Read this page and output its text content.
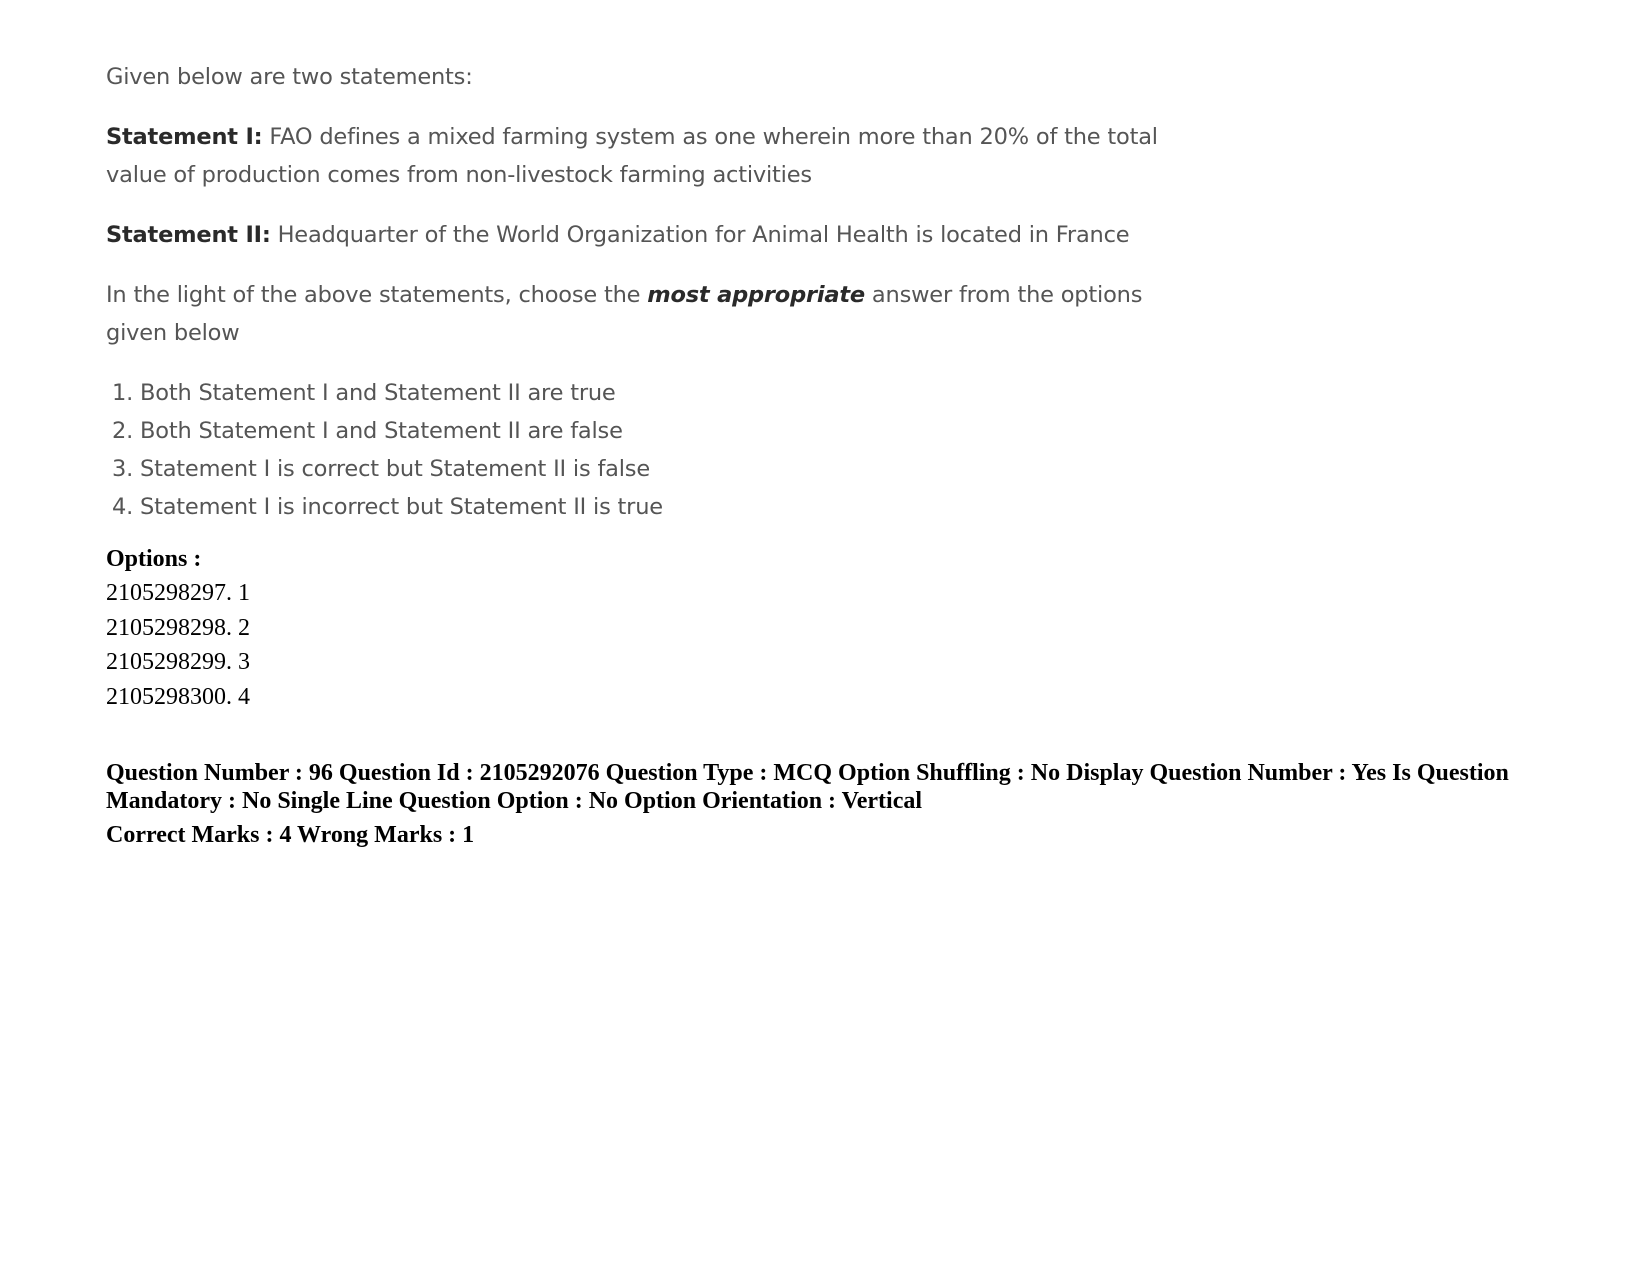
Given below are two statements:

Statement I: FAO defines a mixed farming system as one wherein more than 20% of the total value of production comes from non-livestock farming activities

Statement II: Headquarter of the World Organization for Animal Health is located in France

In the light of the above statements, choose the most appropriate answer from the options given below

1. Both Statement I and Statement II are true
2. Both Statement I and Statement II are false
3. Statement I is correct but Statement II is false
4. Statement I is incorrect but Statement II is true
Options :
2105298297. 1
2105298298. 2
2105298299. 3
2105298300. 4
Question Number : 96 Question Id : 2105292076 Question Type : MCQ Option Shuffling : No Display Question Number : Yes Is Question Mandatory : No Single Line Question Option : No Option Orientation : Vertical
Correct Marks : 4 Wrong Marks : 1
